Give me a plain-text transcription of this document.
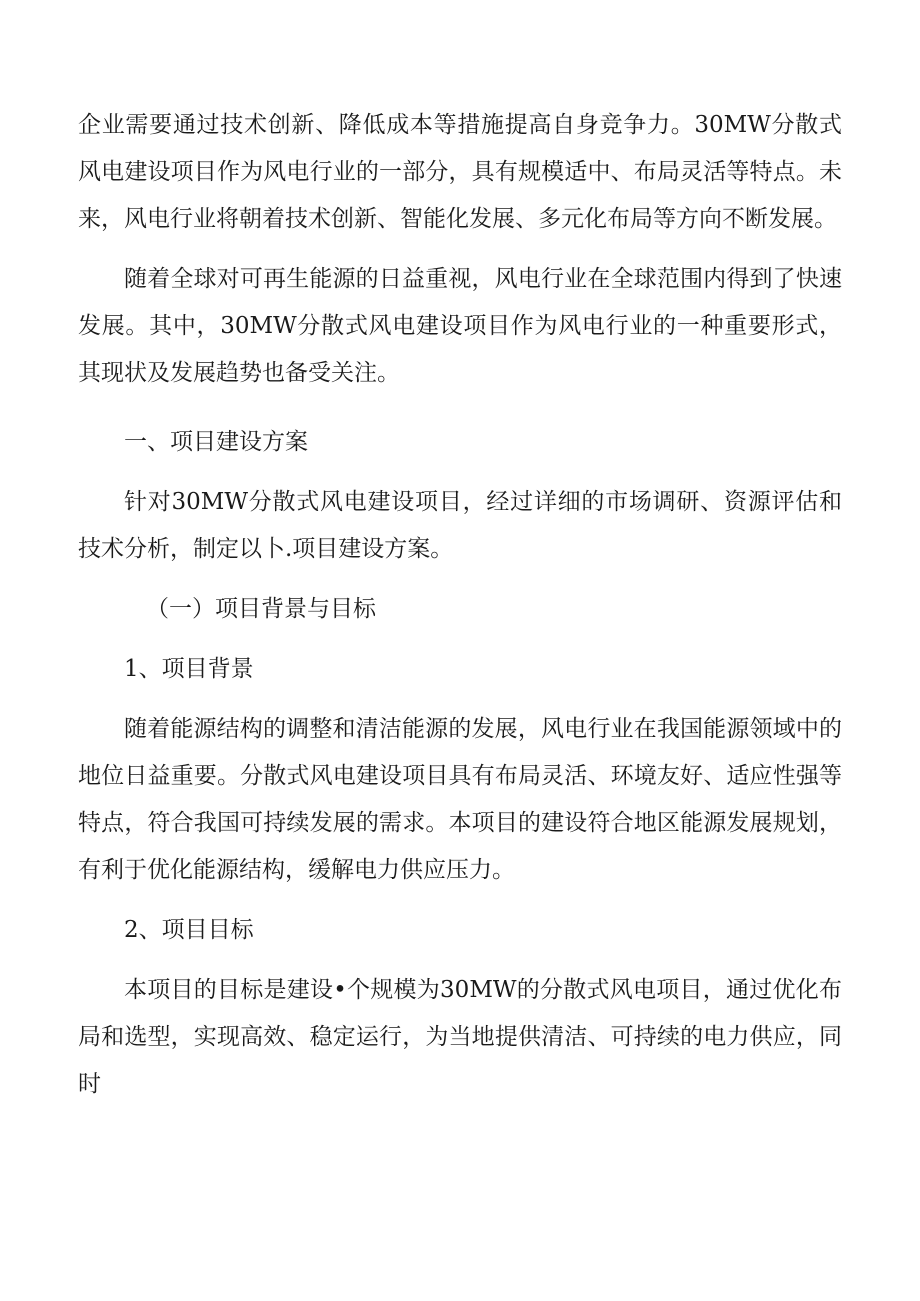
企业需要通过技术创新、降低成本等措施提高自身竞争力。30MW分散式风电建设项目作为风电行业的一部分，具有规模适中、布局灵活等特点。未来，风电行业将朝着技术创新、智能化发展、多元化布局等方向不断发展。

随着全球对可再生能源的日益重视，风电行业在全球范围内得到了快速发展。其中，30MW分散式风电建设项目作为风电行业的一种重要形式，其现状及发展趋势也备受关注。

一、项目建设方案

针对30MW分散式风电建设项目，经过详细的市场调研、资源评估和技术分析，制定以卜.项目建设方案。

（一）项目背景与目标

1、项目背景

随着能源结构的调整和清洁能源的发展，风电行业在我国能源领域中的地位日益重要。分散式风电建设项目具有布局灵活、环境友好、适应性强等特点，符合我国可持续发展的需求。本项目的建设符合地区能源发展规划，有利于优化能源结构，缓解电力供应压力。

2、项目目标

本项目的目标是建设•个规模为30MW的分散式风电项目，通过优化布局和选型，实现高效、稳定运行，为当地提供清洁、可持续的电力供应，同时
